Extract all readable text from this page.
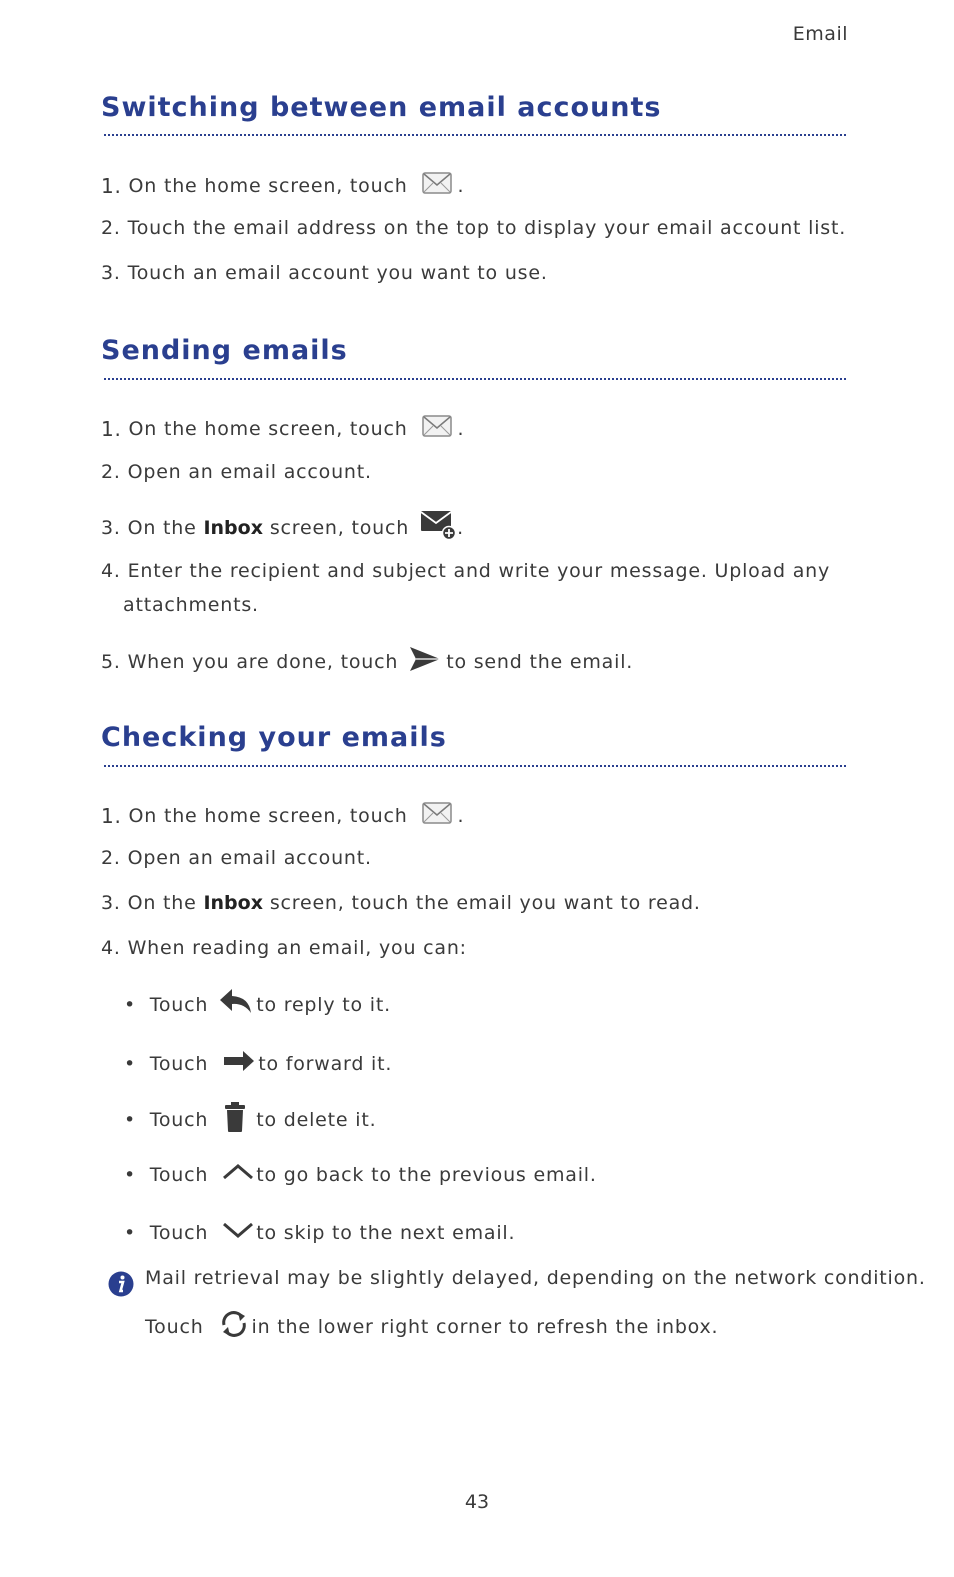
Email
Switching between email accounts
1.
On the home screen, touch	.
2.
Touch the email address on the top to display your email account list.
3.
Touch an email account you want to use.
Sending emails
1.
On the home screen, touch	.
2.
Open an email account.
3.
On the
Inbox
screen, touch	.
4.
Enter the recipient and subject and write your message. Upload any
attachments.
5.
When you are done, touch	to send the email.
Checking your emails
1.
On the home screen, touch	.
2.
Open an email account.
3.
On the
Inbox
screen, touch the email you want to read.
4.
When reading an email, you can:
• Touch	to reply to it.
• Touch	to forward it.
• Touch	to delete it.
• Touch	to go back to the previous email.
• Touch	to skip to the next email.
Mail retrieval may be slightly delayed, depending on the network condition.
Touch	in the lower right corner to refresh the inbox.
43
